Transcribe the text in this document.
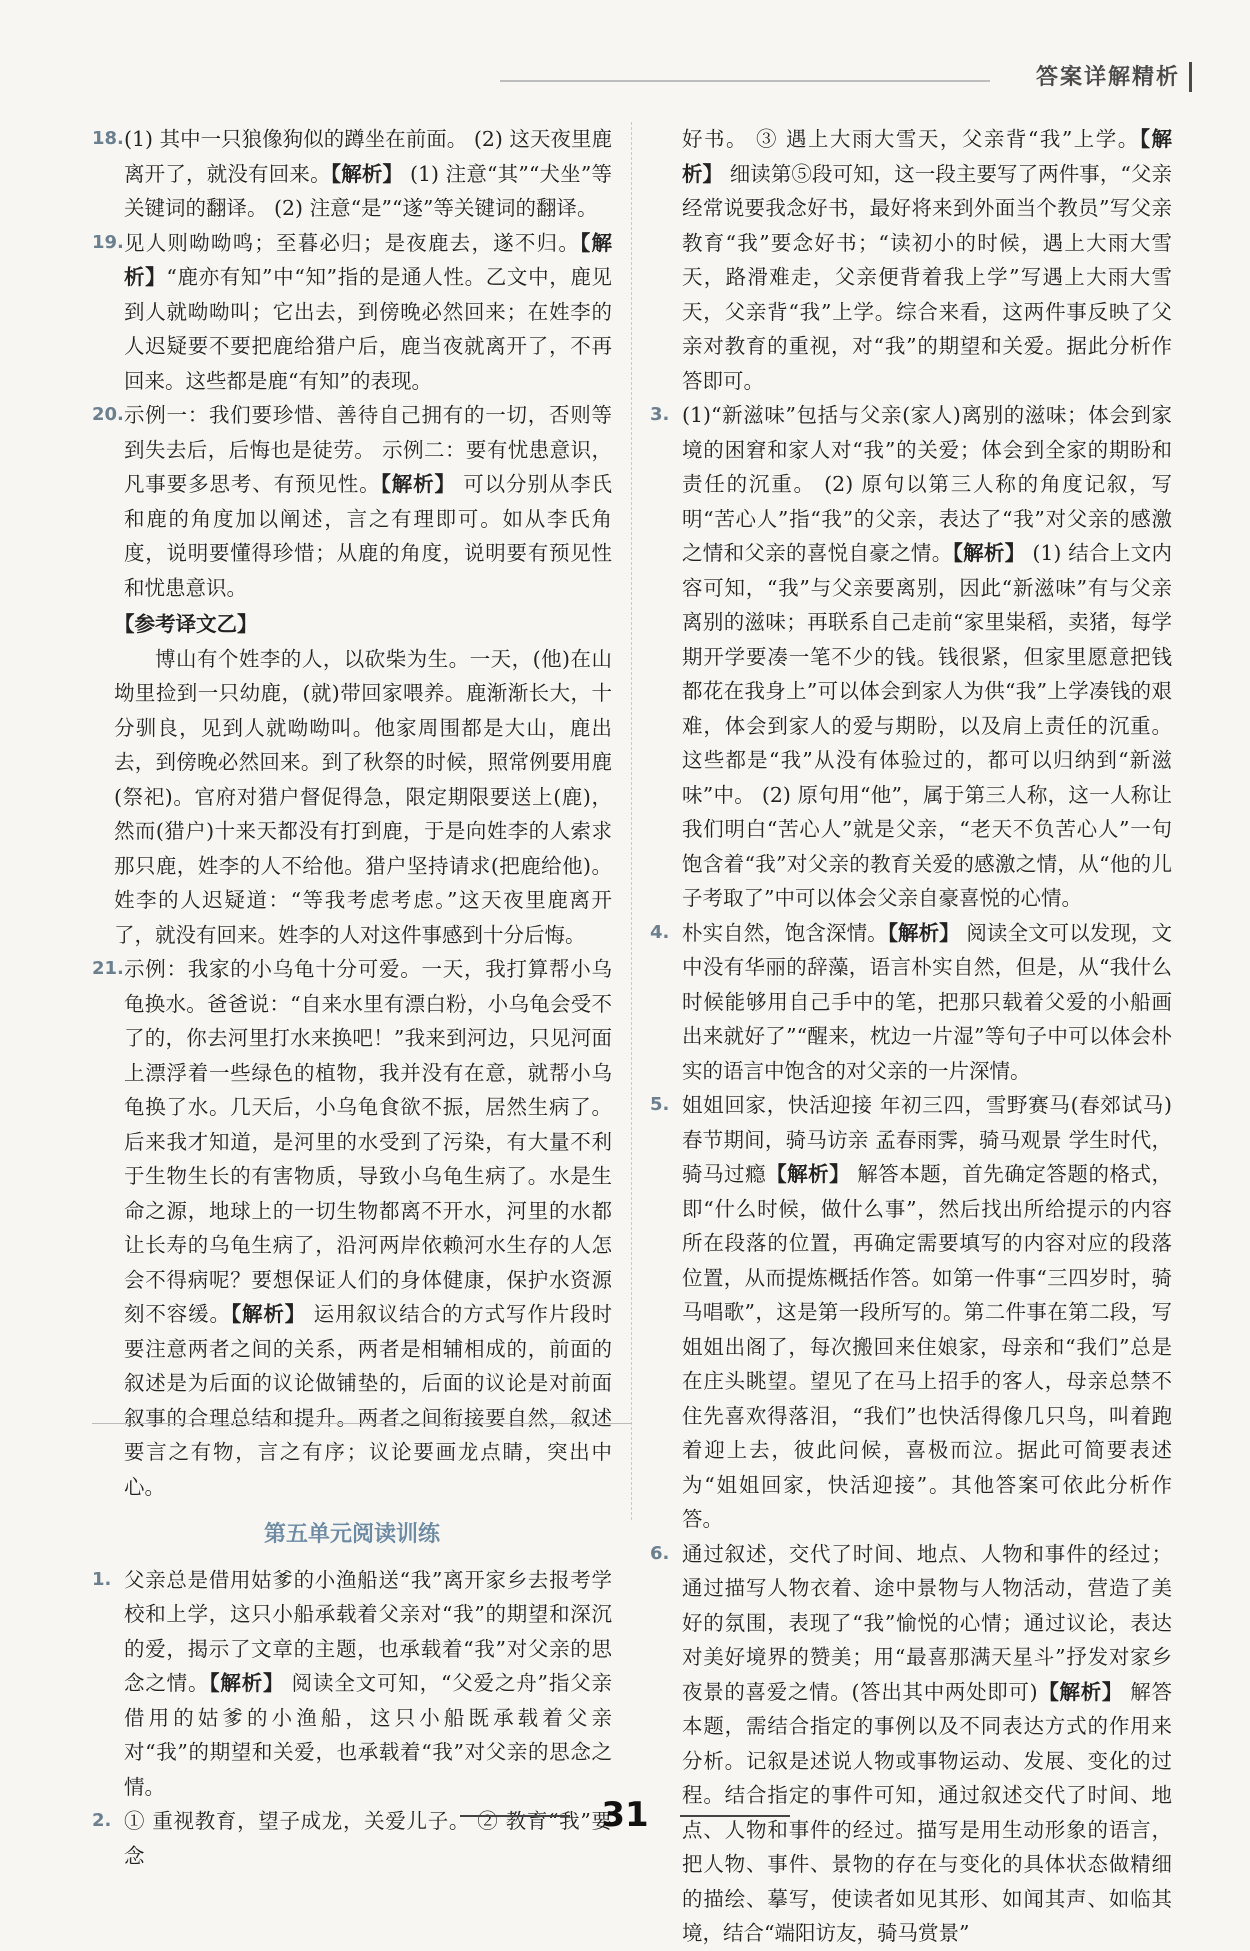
答案详解精析
18. (1) 其中一只狼像狗似的蹲坐在前面。 (2) 这天夜里鹿离开了，就没有回来。【解析】 (1) 注意“其”“犬坐”等关键词的翻译。 (2) 注意“是”“遂”等关键词的翻译。
19. 见人则呦呦鸣；至暮必归；是夜鹿去，遂不归。【解析】“鹿亦有知”中“知”指的是通人性。乙文中，鹿见到人就呦呦叫；它出去，到傍晚必然回来；在姓李的人迟疑要不要把鹿给猎户后，鹿当夜就离开了，不再回来。这些都是鹿“有知”的表现。
20. 示例一：我们要珍惜、善待自己拥有的一切，否则等到失去后，后悔也是徒劳。 示例二：要有忧患意识，凡事要多思考、有预见性。【解析】 可以分别从李氏和鹿的角度加以阐述，言之有理即可。如从李氏角度，说明要懂得珍惜；从鹿的角度，说明要有预见性和忧患意识。
【参考译文乙】
博山有个姓李的人，以砍柴为生。一天，(他)在山坳里捡到一只幼鹿，(就)带回家喂养。鹿渐渐长大，十分驯良，见到人就呦呦叫。他家周围都是大山，鹿出去，到傍晚必然回来。到了秋祭的时候，照常例要用鹿(祭祀)。官府对猎户督促得急，限定期限要送上(鹿)，然而(猎户)十来天都没有打到鹿，于是向姓李的人索求那只鹿，姓李的人不给他。猎户坚持请求(把鹿给他)。姓李的人迟疑道：“等我考虑考虑。”这天夜里鹿离开了，就没有回来。姓李的人对这件事感到十分后悔。
21. 示例：我家的小乌龟十分可爱。一天，我打算帮小乌龟换水。爸爸说：“自来水里有漂白粉，小乌龟会受不了的，你去河里打水来换吧！”我来到河边，只见河面上漂浮着一些绿色的植物，我并没有在意，就帮小乌龟换了水。几天后，小乌龟食欲不振，居然生病了。后来我才知道，是河里的水受到了污染，有大量不利于生物生长的有害物质，导致小乌龟生病了。水是生命之源，地球上的一切生物都离不开水，河里的水都让长寿的乌龟生病了，沿河两岸依赖河水生存的人怎会不得病呢？要想保证人们的身体健康，保护水资源刻不容缓。【解析】 运用叙议结合的方式写作片段时要注意两者之间的关系，两者是相辅相成的，前面的叙述是为后面的议论做铺垫的，后面的议论是对前面叙事的合理总结和提升。两者之间衔接要自然，叙述要言之有物，言之有序；议论要画龙点睛，突出中心。
第五单元阅读训练
1. 父亲总是借用姑爹的小渔船送“我”离开家乡去报考学校和上学，这只小船承载着父亲对“我”的期望和深沉的爱，揭示了文章的主题，也承载着“我”对父亲的思念之情。【解析】 阅读全文可知，“父爱之舟”指父亲借用的姑爹的小渔船，这只小船既承载着父亲对“我”的期望和关爱，也承载着“我”对父亲的思念之情。
2. ① 重视教育，望子成龙，关爱儿子。 ② 教育“我”要念
好书。 ③ 遇上大雨大雪天，父亲背“我”上学。【解析】 细读第⑤段可知，这一段主要写了两件事，“父亲经常说要我念好书，最好将来到外面当个教员”写父亲教育“我”要念好书；“读初小的时候，遇上大雨大雪天，路滑难走，父亲便背着我上学”写遇上大雨大雪天，父亲背“我”上学。综合来看，这两件事反映了父亲对教育的重视，对“我”的期望和关爱。据此分析作答即可。
3. (1)“新滋味”包括与父亲(家人)离别的滋味；体会到家境的困窘和家人对“我”的关爱；体会到全家的期盼和责任的沉重。 (2) 原句以第三人称的角度记叙，写明“苦心人”指“我”的父亲，表达了“我”对父亲的感激之情和父亲的喜悦自豪之情。【解析】 (1) 结合上文内容可知，“我”与父亲要离别，因此“新滋味”有与父亲离别的滋味；再联系自己走前“家里粜稻，卖猪，每学期开学要凑一笔不少的钱。钱很紧，但家里愿意把钱都花在我身上”可以体会到家人为供“我”上学凑钱的艰难，体会到家人的爱与期盼，以及肩上责任的沉重。这些都是“我”从没有体验过的，都可以归纳到“新滋味”中。 (2) 原句用“他”，属于第三人称，这一人称让我们明白“苦心人”就是父亲，“老天不负苦心人”一句饱含着“我”对父亲的教育关爱的感激之情，从“他的儿子考取了”中可以体会父亲自豪喜悦的心情。
4. 朴实自然，饱含深情。【解析】 阅读全文可以发现，文中没有华丽的辞藻，语言朴实自然，但是，从“我什么时候能够用自己手中的笔，把那只载着父爱的小船画出来就好了”“醒来，枕边一片湿”等句子中可以体会朴实的语言中饱含的对父亲的一片深情。
5. 姐姐回家，快活迎接 年初三四，雪野赛马(春郊试马) 春节期间，骑马访亲 孟春雨霁，骑马观景 学生时代，骑马过瘾【解析】 解答本题，首先确定答题的格式，即“什么时候，做什么事”，然后找出所给提示的内容所在段落的位置，再确定需要填写的内容对应的段落位置，从而提炼概括作答。如第一件事“三四岁时，骑马唱歌”，这是第一段所写的。第二件事在第二段，写姐姐出阁了，每次搬回来住娘家，母亲和“我们”总是在庄头眺望。望见了在马上招手的客人，母亲总禁不住先喜欢得落泪，“我们”也快活得像几只鸟，叫着跑着迎上去，彼此问候，喜极而泣。据此可简要表述为“姐姐回家，快活迎接”。其他答案可依此分析作答。
6. 通过叙述，交代了时间、地点、人物和事件的经过；通过描写人物衣着、途中景物与人物活动，营造了美好的氛围，表现了“我”愉悦的心情；通过议论，表达对美好境界的赞美；用“最喜那满天星斗”抒发对家乡夜景的喜爱之情。(答出其中两处即可)【解析】 解答本题，需结合指定的事例以及不同表达方式的作用来分析。记叙是述说人物或事物运动、发展、变化的过程。结合指定的事件可知，通过叙述交代了时间、地点、人物和事件的经过。描写是用生动形象的语言，把人物、事件、景物的存在与变化的具体状态做精细的描绘、摹写，使读者如见其形、如闻其声、如临其境，结合“端阳访友，骑马赏景”
31
